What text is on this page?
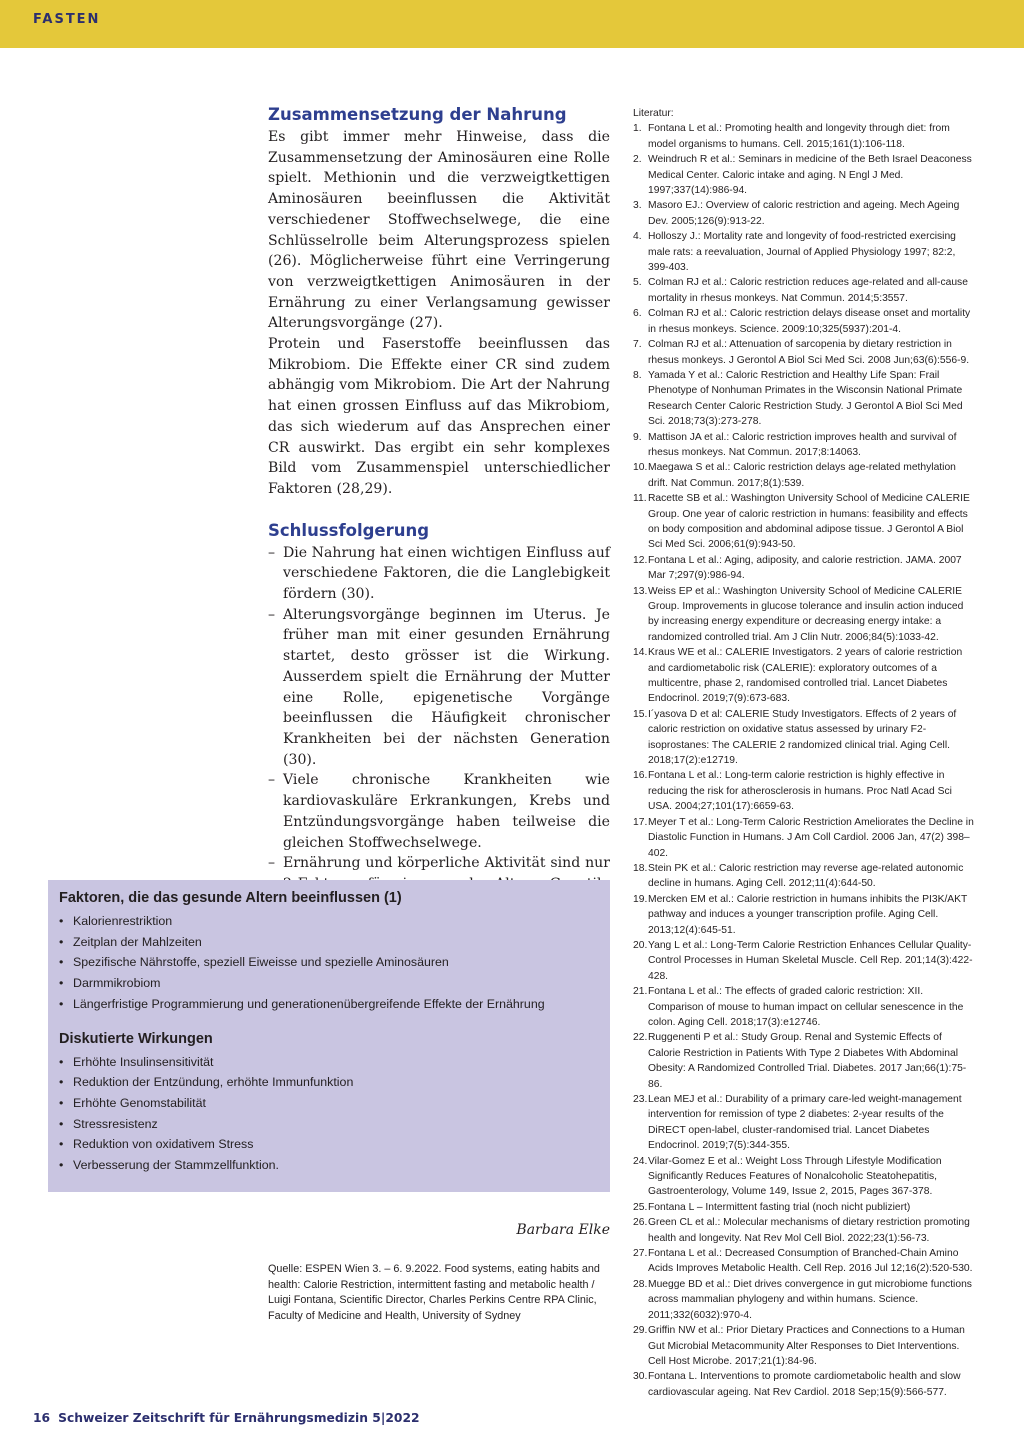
FASTEN
Zusammensetzung der Nahrung

Es gibt immer mehr Hinweise, dass die Zusammensetzung der Aminosäuren eine Rolle spielt. Methionin und die verzweigtkettigen Aminosäuren beeinflussen die Aktivität verschiedener Stoffwechselwege, die eine Schlüsselrolle beim Alterungsprozess spielen (26). Möglicherweise führt eine Verringerung von verzweigtkettigen Animosäuren in der Ernährung zu einer Verlangsamung gewisser Alterungsvorgänge (27).

Protein und Faserstoffe beeinflussen das Mikrobiom. Die Effekte einer CR sind zudem abhängig vom Mikrobiom. Die Art der Nahrung hat einen grossen Einfluss auf das Mikrobiom, das sich wiederum auf das Ansprechen einer CR auswirkt. Das ergibt ein sehr komplexes Bild vom Zusammenspiel unterschiedlicher Faktoren (28,29).

Schlussfolgerung
– Die Nahrung hat einen wichtigen Einfluss auf verschiedene Faktoren, die die Langlebigkeit fördern (30).
– Alterungsvorgänge beginnen im Uterus. Je früher man mit einer gesunden Ernährung startet, desto grösser ist die Wirkung. Ausserdem spielt die Ernährung der Mutter eine Rolle, epigenetische Vorgänge beeinflussen die Häufigkeit chronischer Krankheiten bei der nächsten Generation (30).
– Viele chronische Krankheiten wie kardiovaskuläre Erkrankungen, Krebs und Entzündungsvorgänge haben teilweise die gleichen Stoffwechselwege.
– Ernährung und körperliche Aktivität sind nur
Faktoren, die das gesunde Altern beeinflussen (1)
• Kalorienrestriktion
• Zeitplan der Mahlzeiten
• Spezifische Nährstoffe, speziell Eiweisse und spezielle Aminosäuren
• Darmmikrobiom
• Längerfristige Programmierung und generationenübergreifende Effekte der Ernährung
Diskutierte Wirkungen
• Erhöhte Insulinsensitivität
• Reduktion der Entzündung, erhöhte Immunfunktion
• Erhöhte Genomstabilität
• Stressresistenz
• Reduktion von oxidativem Stress
• Verbesserung der Stammzellfunktion.
Barbara Elke
Quelle: ESPEN Wien 3. – 6. 9.2022. Food systems, eating habits and health: Calorie Restriction, intermittent fasting and metabolic health / Luigi Fontana, Scientific Director, Charles Perkins Centre RPA Clinic, Faculty of Medicine and Health, University of Sydney

Literatur:

1. Fontana L et al.: Promoting health and longevity through diet: from model organisms to humans. Cell. 2015;161(1):106-118.
2. Weindruch R et al.: Seminars in medicine of the Beth Israel Deaconess Medical Center. Caloric intake and aging. N Engl J Med. 1997;337(14):986-94.
3. Masoro EJ.: Overview of caloric restriction and ageing. Mech Ageing Dev. 2005;126(9):913-22.
4. Holloszy J.: Mortality rate and longevity of food-restricted exercising male rats: a reevaluation, Journal of Applied Physiology 1997; 82:2, 399-403.
5. Colman RJ et al.: Caloric restriction reduces age-related and all-cause mortality in rhesus monkeys. Nat Commun. 2014;5:3557.
6. Colman RJ et al.: Caloric restriction delays disease onset and mortality in rhesus monkeys. Science. 2009:10;325(5937):201-4.
7. Colman RJ et al.: Attenuation of sarcopenia by dietary restriction in rhesus monkeys. J Gerontol A Biol Sci Med Sci. 2008 Jun;63(6):556-9.
8. Yamada Y et al.: Caloric Restriction and Healthy Life Span: Frail Phenotype of Nonhuman Primates in the Wisconsin National Primate Research Center Caloric Restriction Study. J Gerontol A Biol Sci Med Sci. 2018;73(3):273-278.
9. Mattison JA et al.: Caloric restriction improves health and survival of rhesus monkeys. Nat Commun. 2017;8:14063.
10. Maegawa S et al.: Caloric restriction delays age-related methylation drift. Nat Commun. 2017;8(1):539.
11. Racette SB et al.: Washington University School of Medicine CALERIE Group. One year of caloric restriction in humans: feasibility and effects on body composition and abdominal adipose tissue. J Gerontol A Biol Sci Med Sci. 2006;61(9):943-50.
12. Fontana L et al.: Aging, adiposity, and calorie restriction. JAMA. 2007 Mar 7;297(9):986-94.
13. Weiss EP et al.: Washington University School of Medicine CALERIE Group. Improvements in glucose tolerance and insulin action induced by increasing energy expenditure or decreasing energy intake: a randomized controlled trial. Am J Clin Nutr. 2006;84(5):1033-42.
14. Kraus WE et al.: CALERIE Investigators. 2 years of calorie restriction and cardiometabolic risk (CALERIE): exploratory outcomes of a multicentre, phase 2, randomised controlled trial. Lancet Diabetes Endocrinol. 2019;7(9):673-683.
15. I´yasova D et al: CALERIE Study Investigators. Effects of 2 years of caloric restriction on oxidative status assessed by urinary F2-isoprostanes: The CALERIE 2 randomized clinical trial. Aging Cell. 2018;17(2):e12719.
16. Fontana L et al.: Long-term calorie restriction is highly effective in reducing the risk for atherosclerosis in humans. Proc Natl Acad Sci USA. 2004;27;101(17):6659-63.
17. Meyer T et al.: Long-Term Caloric Restriction Ameliorates the Decline in Diastolic Function in Humans. J Am Coll Cardiol. 2006 Jan, 47(2) 398–402.
18. Stein PK et al.: Caloric restriction may reverse age-related autonomic decline in humans. Aging Cell. 2012;11(4):644-50.
19. Mercken EM et al.: Calorie restriction in humans inhibits the PI3K/AKT pathway and induces a younger transcription profile. Aging Cell. 2013;12(4):645-51.
20. Yang L et al.: Long-Term Calorie Restriction Enhances Cellular Quality-Control Processes in Human Skeletal Muscle. Cell Rep. 201;14(3):422-428.
21. Fontana L et al.: The effects of graded caloric restriction: XII. Comparison of mouse to human impact on cellular senescence in the colon. Aging Cell. 2018;17(3):e12746.
22. Ruggenenti P et al.: Study Group. Renal and Systemic Effects of Calorie Restriction in Patients With Type 2 Diabetes With Abdominal Obesity: A Randomized Controlled Trial. Diabetes. 2017 Jan;66(1):75-86.
23. Lean MEJ et al.: Durability of a primary care-led weight-management intervention for remission of type 2 diabetes: 2-year results of the DiRECT open-label, cluster-randomised trial. Lancet Diabetes Endocrinol. 2019;7(5):344-355.
24. Vilar-Gomez E et al.: Weight Loss Through Lifestyle Modification Significantly Reduces Features of Nonalcoholic Steatohepatitis, Gastroenterology, Volume 149, Issue 2, 2015, Pages 367-378.
25. Fontana L – Intermittent fasting trial (noch nicht publiziert)
26. Green CL et al.: Molecular mechanisms of dietary restriction promoting health and longevity. Nat Rev Mol Cell Biol. 2022;23(1):56-73.
27. Fontana L et al.: Decreased Consumption of Branched-Chain Amino Acids Improves Metabolic Health. Cell Rep. 2016 Jul 12;16(2):520-530.
28. Muegge BD et al.: Diet drives convergence in gut microbiome functions across mammalian phylogeny and within humans. Science. 2011;332(6032):970-4.
29. Griffin NW et al.: Prior Dietary Practices and Connections to a Human Gut Microbial Metacommunity Alter Responses to Diet Interventions. Cell Host Microbe. 2017;21(1):84-96.
30. Fontana L. Interventions to promote cardiometabolic health and slow cardiovascular ageing. Nat Rev Cardiol. 2018 Sep;15(9):566-577.
16 Schweizer Zeitschrift für Ernährungsmedizin 5|2022
